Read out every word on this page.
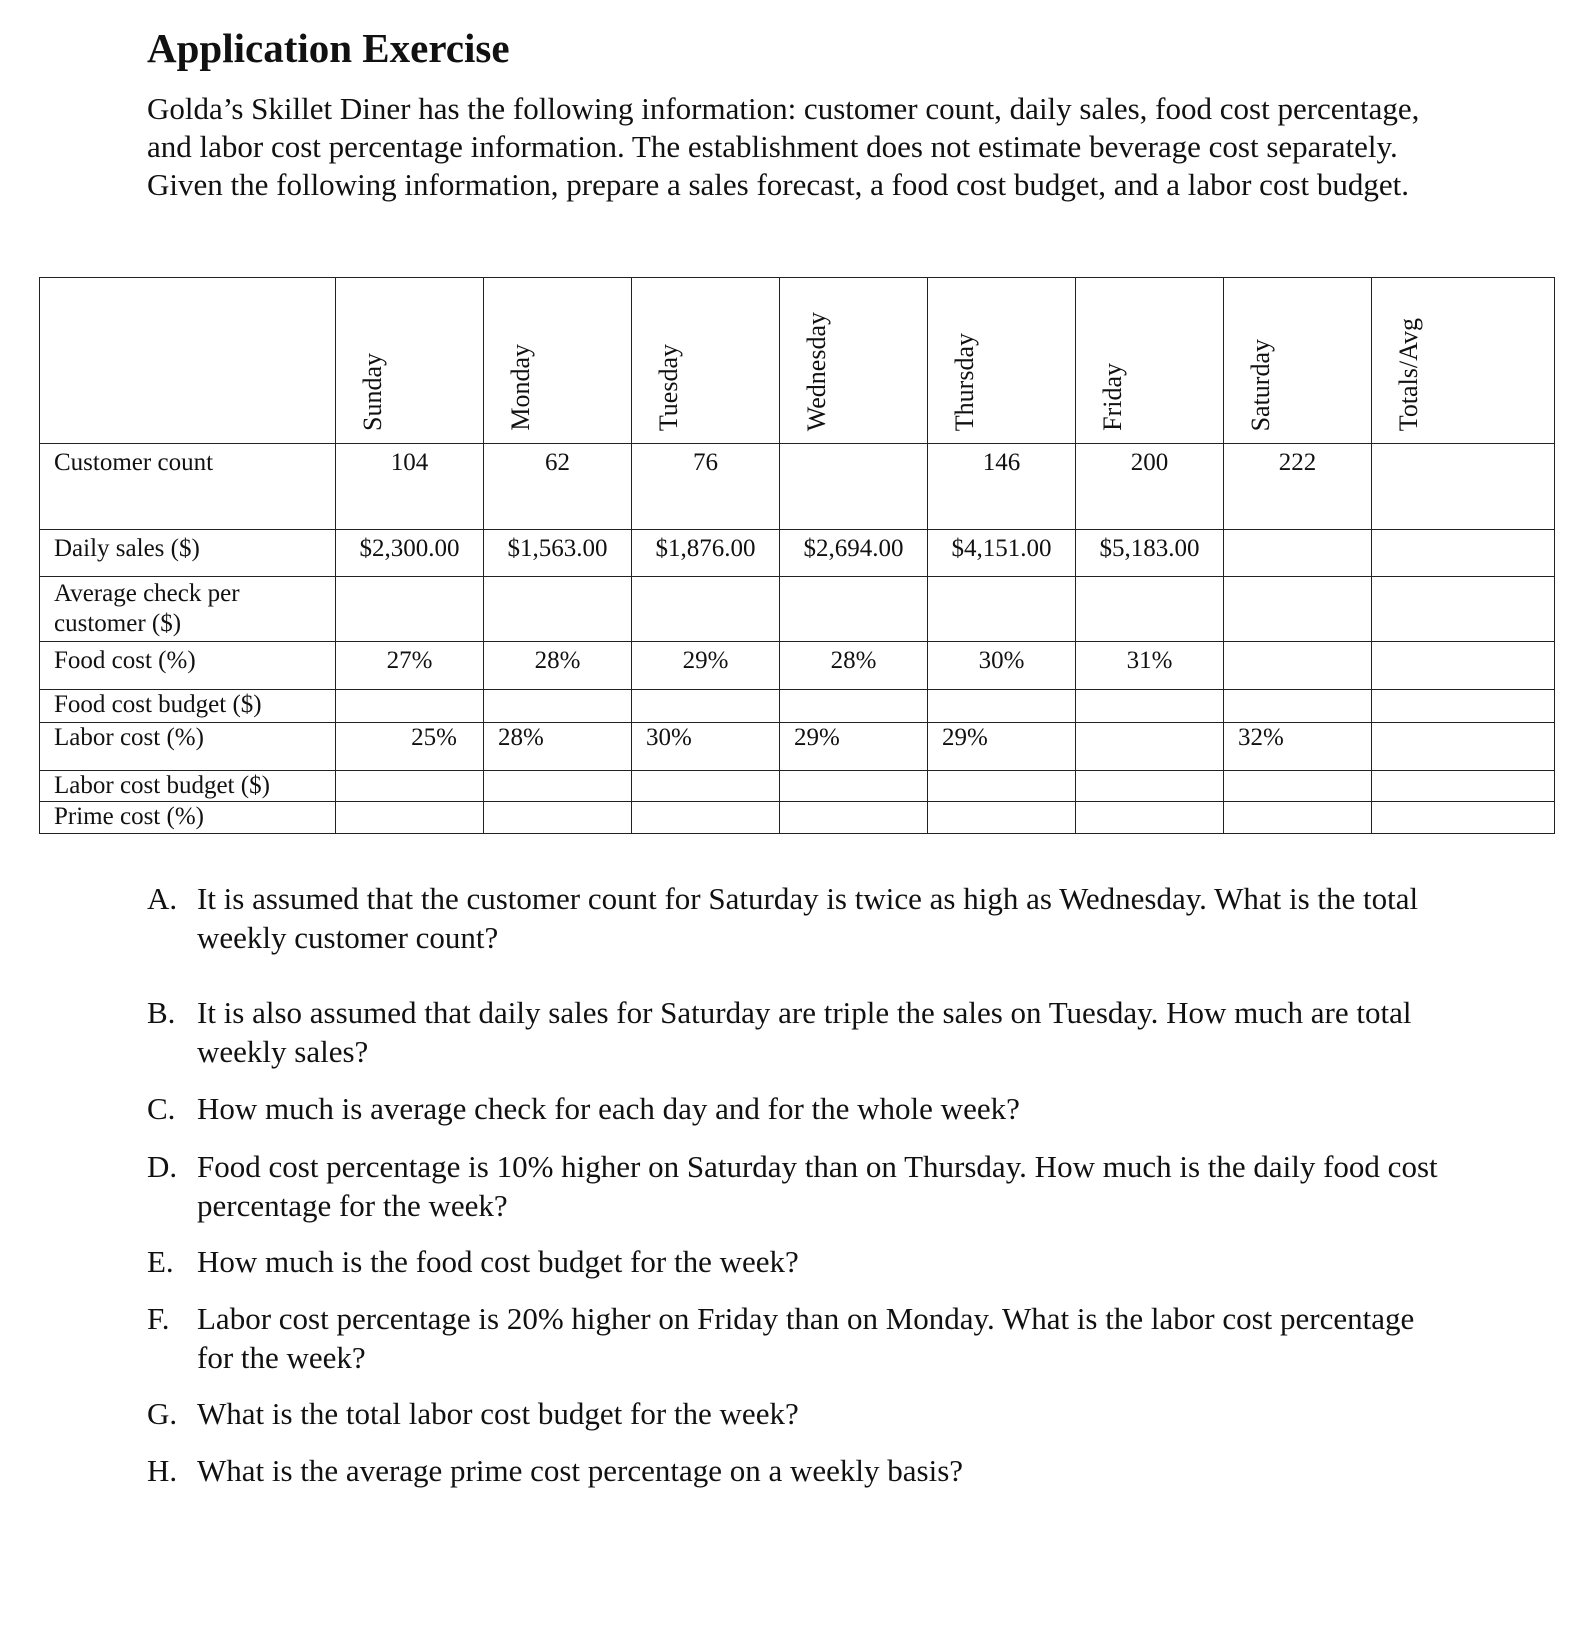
Application Exercise

Golda’s Skillet Diner has the following information: customer count, daily sales, food cost percentage, and labor cost percentage information. The establishment does not estimate beverage cost separately. Given the following information, prepare a sales forecast, a food cost budget, and a labor cost budget.

	Sunday	Monday	Tuesday	Wednesday	Thursday	Friday	Saturday	Totals/Avg

Customer count	104	62	76		146	200	222	
Daily sales ($)	$2,300.00	$1,563.00	$1,876.00	$2,694.00	$4,151.00	$5,183.00		

Average check per
customer ($)								

Food cost (%)	27%	28%	29%	28%	30%	31%		
Food cost budget ($)								
Labor cost (%)	25%	28%	30%	29%	29%		32%	
Labor cost budget ($)								
Prime cost (%)								
A. It is assumed that the customer count for Saturday is twice as high as Wednesday. What is the total weekly customer count?
B. It is also assumed that daily sales for Saturday are triple the sales on Tuesday. How much are total weekly sales?
C. How much is average check for each day and for the whole week?
D. Food cost percentage is 10% higher on Saturday than on Thursday. How much is the daily food cost percentage for the week?
E. How much is the food cost budget for the week?
F. Labor cost percentage is 20% higher on Friday than on Monday. What is the labor cost percentage for the week?
G. What is the total labor cost budget for the week?
H. What is the average prime cost percentage on a weekly basis?
